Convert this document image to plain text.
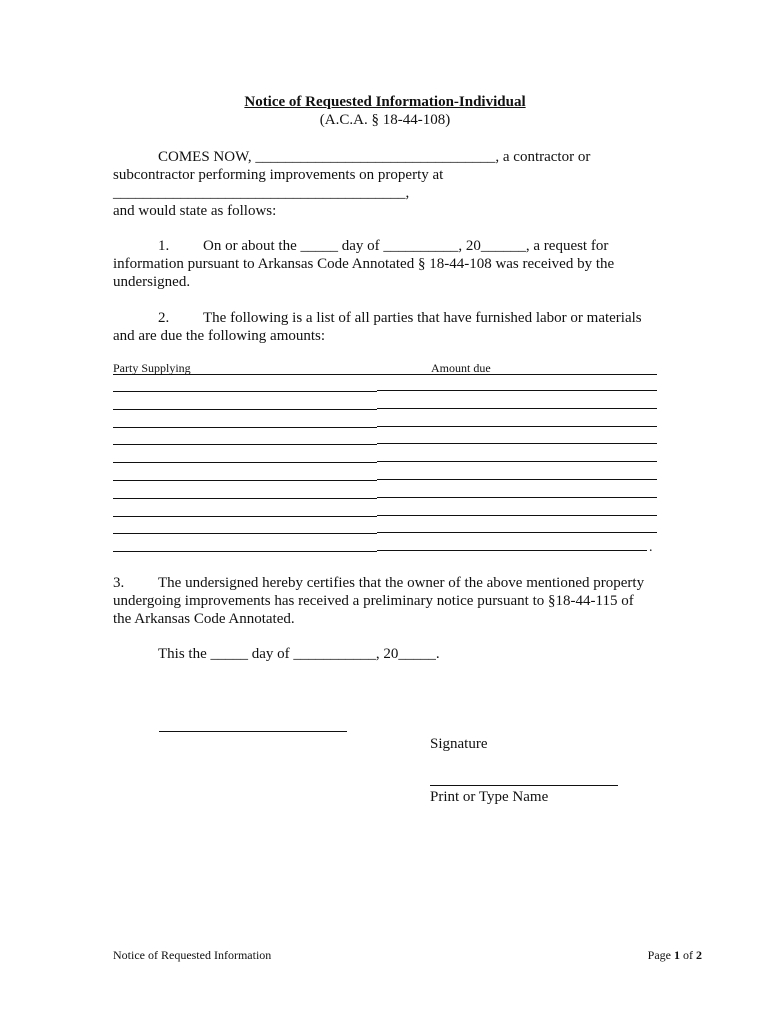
Notice of Requested Information-Individual
(A.C.A. § 18-44-108)
COMES NOW, ________________________________, a contractor or
subcontractor performing improvements on property at
_______________________________________,
and would state as follows:
1. On or about the _____ day of __________, 20______, a request for
information pursuant to Arkansas Code Annotated § 18-44-108 was received by the
undersigned.
2. The following is a list of all parties that have furnished labor or materials
and are due the following amounts:
Party Supplying	Amount due
.
3. The undersigned hereby certifies that the owner of the above mentioned property
undergoing improvements has received a preliminary notice pursuant to §18-44-115 of
the Arkansas Code Annotated.
This the _____ day of ___________, 20_____.
Signature
Print or Type Name
Notice of Requested Information	Page 1 of 2
